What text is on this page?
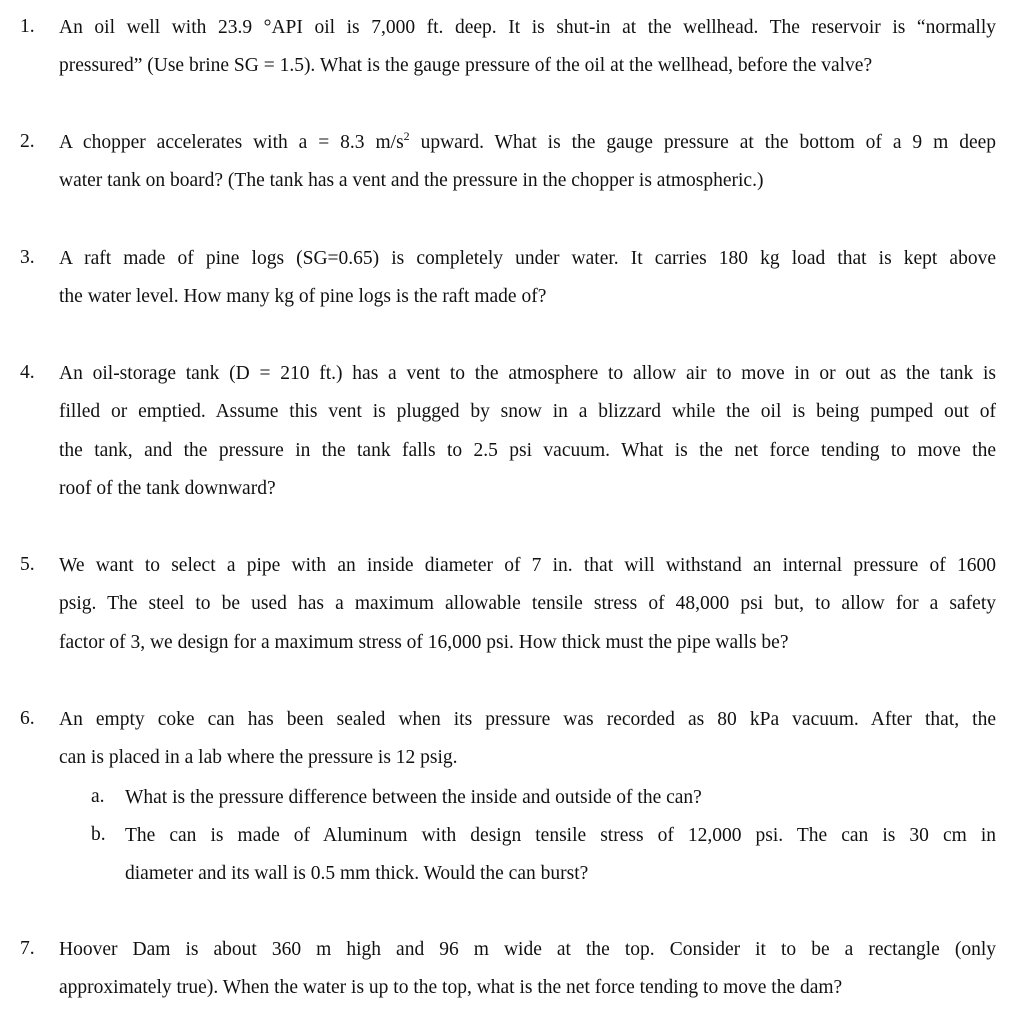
1.	An oil well with 23.9 °API oil is 7,000 ft. deep. It is shut-in at the wellhead. The reservoir is “normally
pressured” (Use brine SG = 1.5). What is the gauge pressure of the oil at the wellhead, before the valve?
2.	A chopper accelerates with a = 8.3 $m/s^2$ upward. What is the gauge pressure at the bottom of a 9 m deep
water tank on board? (The tank has a vent and the pressure in the chopper is atmospheric.)
3.	A raft made of pine logs (SG=0.65) is completely under water. It carries 180 kg load that is kept above
the water level. How many kg of pine logs is the raft made of?
4.	An oil-storage tank (D = 210 ft.) has a vent to the atmosphere to allow air to move in or out as the tank is
filled or emptied. Assume this vent is plugged by snow in a blizzard while the oil is being pumped out of
the tank, and the pressure in the tank falls to 2.5 psi vacuum. What is the net force tending to move the
roof of the tank downward?
5.	We want to select a pipe with an inside diameter of 7 in. that will withstand an internal pressure of 1600
psig. The steel to be used has a maximum allowable tensile stress of 48,000 psi but, to allow for a safety
factor of 3, we design for a maximum stress of 16,000 psi. How thick must the pipe walls be?
6.	An empty coke can has been sealed when its pressure was recorded as 80 kPa vacuum. After that, the
can is placed in a lab where the pressure is 12 psig.
a. What is the pressure difference between the inside and outside of the can?
b. The can is made of Aluminum with design tensile stress of 12,000 psi. The can is 30 cm in
diameter and its wall is 0.5 mm thick. Would the can burst?
7.	Hoover Dam is about 360 m high and 96 m wide at the top. Consider it to be a rectangle (only
approximately true). When the water is up to the top, what is the net force tending to move the dam?
